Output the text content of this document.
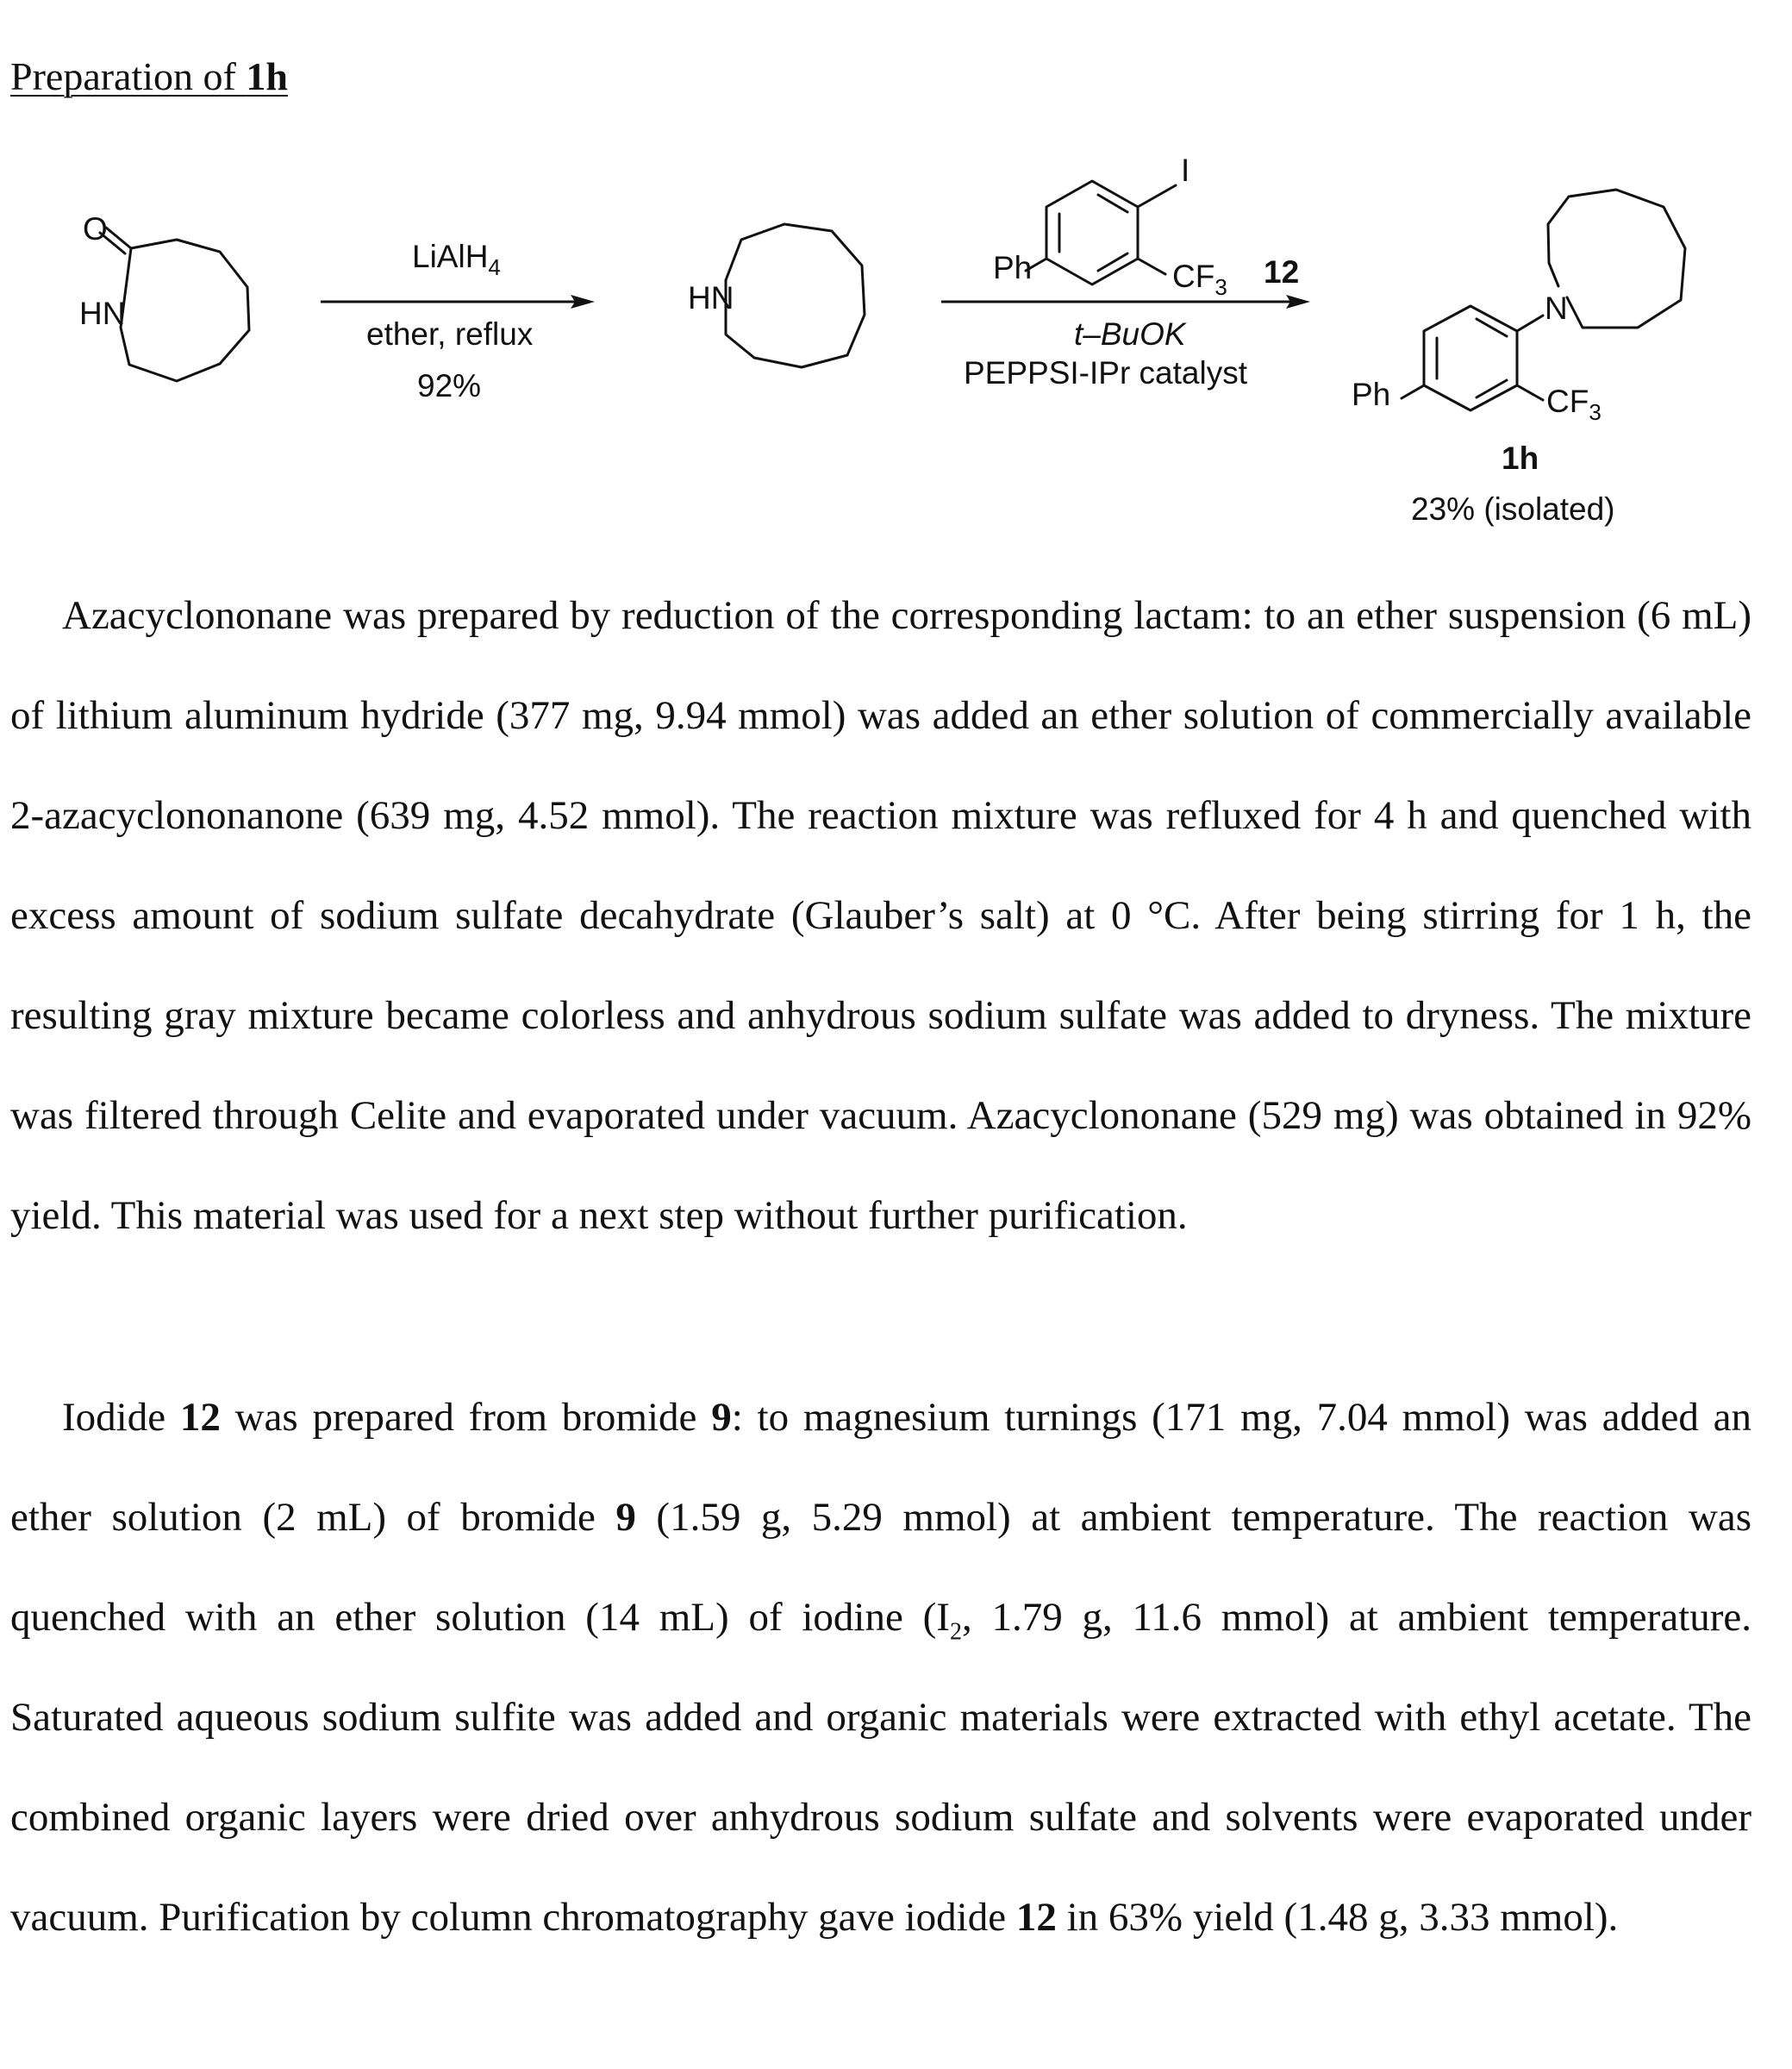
Preparation of 1h
O
HN	HN
I
Ph	$CF_3$ 12
N
Ph	$CF_3$
LiAlH$_4$
ether, reflux
92%
t–BuOK
PEPPSI-IPr catalyst
1h
23% (isolated)

Azacyclononane was prepared by reduction of the corresponding lactam: to an ether suspension (6 mL) of lithium aluminum hydride (377 mg, 9.94 mmol) was added an ether solution of commercially available 2-azacyclononanone (639 mg, 4.52 mmol). The reaction mixture was refluxed for 4 h and quenched with excess amount of sodium sulfate decahydrate (Glauber’s salt) at 0 °C. After being stirring for 1 h, the resulting gray mixture became colorless and anhydrous sodium sulfate was added to dryness. The mixture was filtered through Celite and evaporated under vacuum. Azacyclononane (529 mg) was obtained in 92% yield. This material was used for a next step without further purification.

Iodide 12 was prepared from bromide 9: to magnesium turnings (171 mg, 7.04 mmol) was added an ether solution (2 mL) of bromide 9 (1.59 g, 5.29 mmol) at ambient temperature. The reaction was quenched with an ether solution (14 mL) of iodine ($I_2$, 1.79 g, 11.6 mmol) at ambient temperature. Saturated aqueous sodium sulfite was added and organic materials were extracted with ethyl acetate. The combined organic layers were dried over anhydrous sodium sulfate and solvents were evaporated under vacuum. Purification by column chromatography gave iodide 12 in 63% yield (1.48 g, 3.33 mmol).
